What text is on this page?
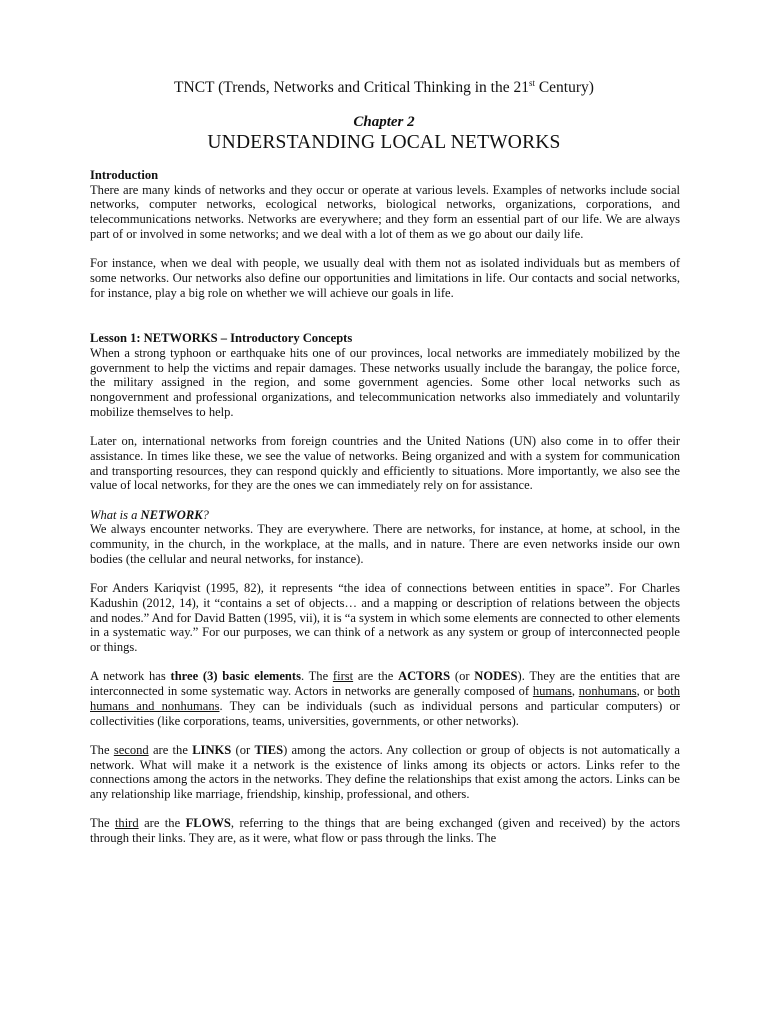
TNCT (Trends, Networks and Critical Thinking in the 21st Century)
Chapter 2
UNDERSTANDING LOCAL NETWORKS
Introduction

There are many kinds of networks and they occur or operate at various levels. Examples of networks include social networks, computer networks, ecological networks, biological networks, organizations, corporations, and telecommunications networks. Networks are everywhere; and they form an essential part of our life. We are always part of or involved in some networks; and we deal with a lot of them as we go about our daily life.

For instance, when we deal with people, we usually deal with them not as isolated individuals but as members of some networks. Our networks also define our opportunities and limitations in life. Our contacts and social networks, for instance, play a big role on whether we will achieve our goals in life.

Lesson 1: NETWORKS – Introductory Concepts

When a strong typhoon or earthquake hits one of our provinces, local networks are immediately mobilized by the government to help the victims and repair damages. These networks usually include the barangay, the police force, the military assigned in the region, and some government agencies. Some other local networks such as nongovernment and professional organizations, and telecommunication networks also immediately and voluntarily mobilize themselves to help.

Later on, international networks from foreign countries and the United Nations (UN) also come in to offer their assistance. In times like these, we see the value of networks. Being organized and with a system for communication and transporting resources, they can respond quickly and efficiently to situations. More importantly, we also see the value of local networks, for they are the ones we can immediately rely on for assistance.

What is a NETWORK?

We always encounter networks. They are everywhere. There are networks, for instance, at home, at school, in the community, in the church, in the workplace, at the malls, and in nature. There are even networks inside our own bodies (the cellular and neural networks, for instance).

For Anders Kariqvist (1995, 82), it represents “the idea of connections between entities in space”. For Charles Kadushin (2012, 14), it “contains a set of objects… and a mapping or description of relations between the objects and nodes.” And for David Batten (1995, vii), it is “a system in which some elements are connected to other elements in a systematic way.” For our purposes, we can think of a network as any system or group of interconnected people or things.

A network has three (3) basic elements. The first are the ACTORS (or NODES). They are the entities that are interconnected in some systematic way. Actors in networks are generally composed of humans, nonhumans, or both humans and nonhumans. They can be individuals (such as individual persons and particular computers) or collectivities (like corporations, teams, universities, governments, or other networks).

The second are the LINKS (or TIES) among the actors. Any collection or group of objects is not automatically a network. What will make it a network is the existence of links among its objects or actors. Links refer to the connections among the actors in the networks. They define the relationships that exist among the actors. Links can be any relationship like marriage, friendship, kinship, professional, and others.

The third are the FLOWS, referring to the things that are being exchanged (given and received) by the actors through their links. They are, as it were, what flow or pass through the links. The
